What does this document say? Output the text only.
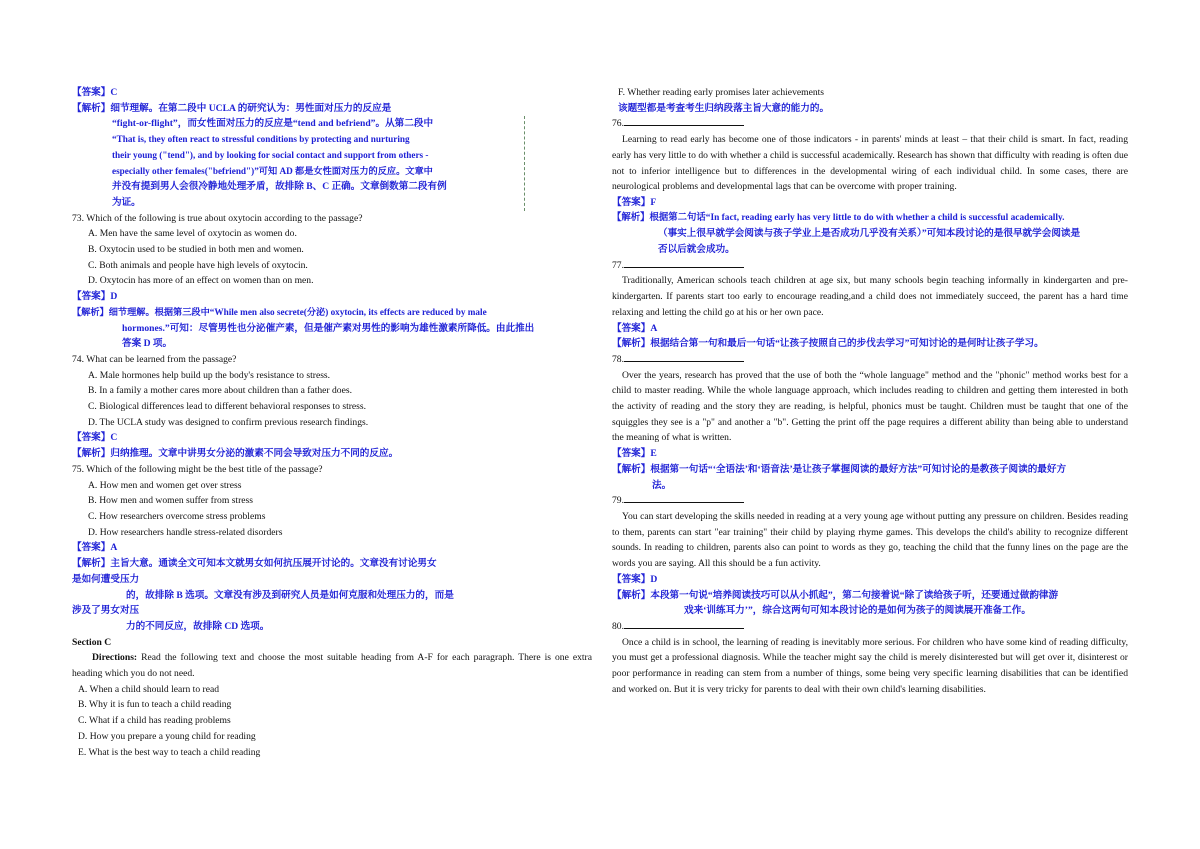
【答案】C
【解析】 细节理解。在第二段中 UCLA 的研究认为：男性面对压力的反应是
“fight-or-flight”，而女性面对压力的反应是“tend and befriend”。从第二段中
“That is, they often react to stressful conditions by protecting and nurturing
their young ("tend"), and by looking for social contact and support from others -
especially other females("befriend")”可知 AD 都是女性面对压力的反应。文章中
并没有提到男人会很冷静地处理矛盾，故排除 B、C 正确。文章倒数第二段有例
为证。
73. Which of the following is true about oxytocin according to the passage?
A. Men have the same level of oxytocin as women do.
B. Oxytocin used to be studied in both men and women.
C. Both animals and people have high levels of oxytocin.
D. Oxytocin has more of an effect on women than on men.
【答案】D
【解析】细节理解。根据第三段中“While men also secrete(分泌) oxytocin, its effects are reduced by male
hormones.”可知：尽管男性也分泌催产素，但是催产素对男性的影响为雄性激素所降低。由此推出
答案 D 项。
74. What can be learned from the passage?
A. Male hormones help build up the body's resistance to stress.
B. In a family a mother cares more about children than a father does.
C. Biological differences lead to different behavioral responses to stress.
D. The UCLA study was designed to confirm previous research findings.
【答案】C
【解析】归纳推理。文章中讲男女分泌的激素不同会导致对压力不同的反应。
75. Which of the following might be the best title of the passage?
A. How men and women get over stress
B. How men and women suffer from stress
C. How researchers overcome stress problems
D. How researchers handle stress-related disorders
【答案】A
【解析】主旨大意。通读全文可知本文就男女如何抗压展开讨论的。文章没有讨论男女
是如何遭受压力
的，故排除 B 选项。文章没有涉及到研究人员是如何克服和处理压力的，而是
涉及了男女对压
力的不同反应，故排除 CD 选项。
Section C
Directions: Read the following text and choose the most suitable heading from A-F for each paragraph. There is one extra heading which you do not need.
A. When a child should learn to read
B. Why it is fun to teach a child reading
C. What if a child has reading problems
D. How you prepare a young child for reading
E. What is the best way to teach a child reading
F. Whether reading early promises later achievements
该题型都是考查考生归纳段落主旨大意的能力的。
76.
Learning to read early has become one of those indicators - in parents' minds at least – that their child is smart. In fact, reading early has very little to do with whether a child is successful academically. Research has shown that difficulty with reading is often due not to inferior intelligence but to differences in the developmental wiring of each individual child. In some cases, there are neurological problems and developmental lags that can be overcome with proper training.
【答案】F
【解析】根据第二句话“In fact, reading early has very little to do with whether a child is successful academically.
（事实上很早就学会阅读与孩子学业上是否成功几乎没有关系）”可知本段讨论的是很早就学会阅读是
否以后就会成功。
77.
Traditionally, American schools teach children at age six, but many schools begin teaching informally in kindergarten and pre-kindergarten. If parents start too early to encourage reading,and a child does not immediately succeed, the parent has a hard time relaxing and letting the child go at his or her own pace.
【答案】A
【解析】根据结合第一句和最后一句话“让孩子按照自己的步伐去学习”可知讨论的是何时让孩子学习。
78.
Over the years, research has proved that the use of both the “whole language" method and the "phonic" method works best for a child to master reading. While the whole language approach, which includes reading to children and getting them interested in both the activity of reading and the story they are reading, is helpful, phonics must be taught. Children must be taught that one of the squiggles they see is a "p" and another a "b". Getting the print off the page requires a different ability than being able to understand the meaning of what is written.
【答案】E
【解析】根据第一句话“‘全语法’和‘语音法’是让孩子掌握阅读的最好方法”可知讨论的是教孩子阅读的最好方
法。
79.
You can start developing the skills needed in reading at a very young age without putting any pressure on children. Besides reading to them, parents can start "ear training" their child by playing rhyme games. This develops the child's ability to recognize different sounds. In reading to children, parents also can point to words as they go, teaching the child that the funny lines on the page are the words you are saying. All this should be a fun activity.
【答案】D
【解析】本段第一句说“培养阅读技巧可以从小抓起”，第二句接着说“除了读给孩子听，还要通过做韵律游
戏来‘训练耳力’”，综合这两句可知本段讨论的是如何为孩子的阅读展开准备工作。
80.
Once a child is in school, the learning of reading is inevitably more serious. For children who have some kind of reading difficulty, you must get a professional diagnosis. While the teacher might say the child is merely disinterested but will get over it, disinterest or poor performance in reading can stem from a number of things, some being very specific learning disabilities that can be identified and worked on. But it is very tricky for parents to deal with their own child's learning disabilities.
